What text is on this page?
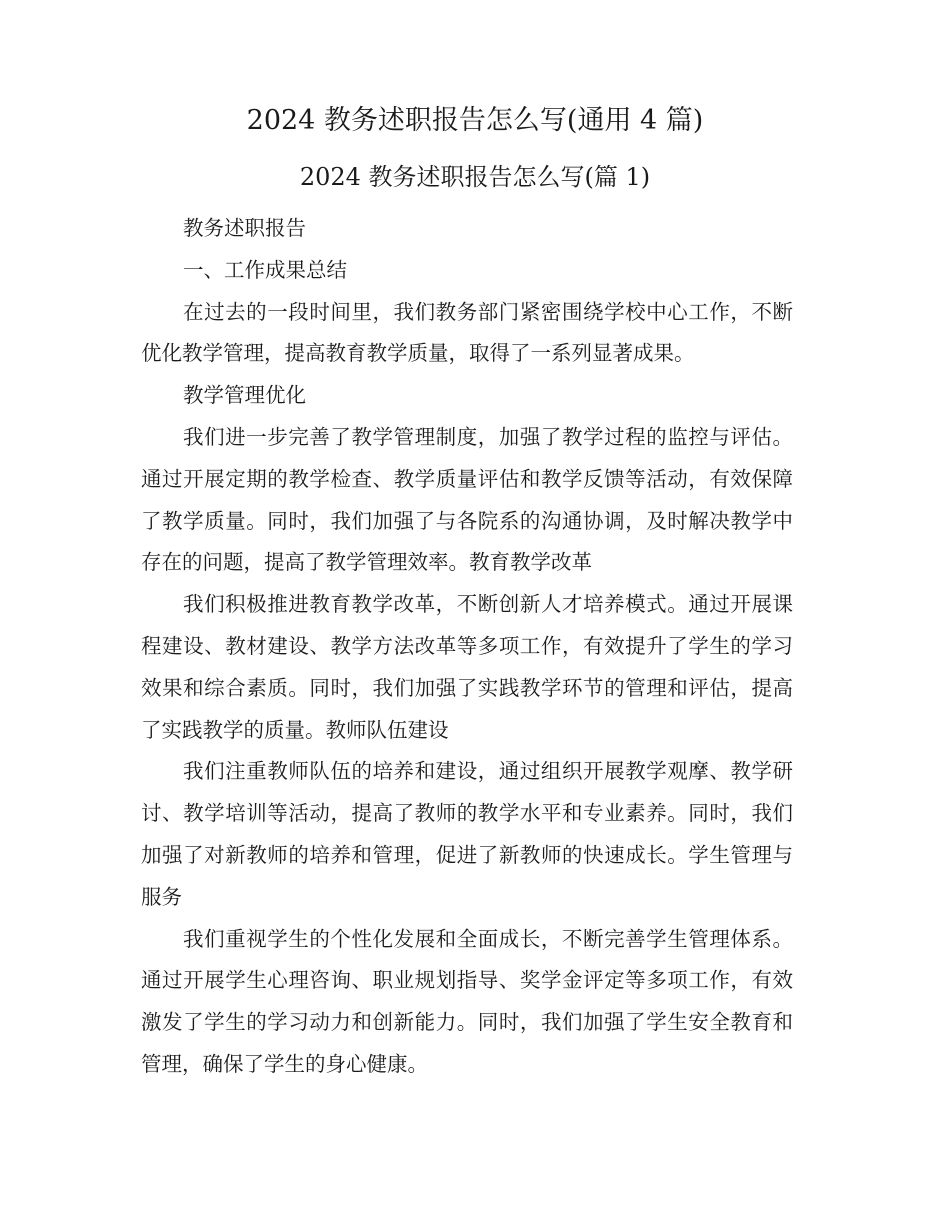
2024 教务述职报告怎么写(通用 4 篇)
2024 教务述职报告怎么写(篇 1)

教务述职报告

一、工作成果总结

在过去的一段时间里，我们教务部门紧密围绕学校中心工作，不断优化教学管理，提高教育教学质量，取得了一系列显著成果。

教学管理优化

我们进一步完善了教学管理制度，加强了教学过程的监控与评估。通过开展定期的教学检查、教学质量评估和教学反馈等活动，有效保障了教学质量。同时，我们加强了与各院系的沟通协调，及时解决教学中存在的问题，提高了教学管理效率。教育教学改革

我们积极推进教育教学改革，不断创新人才培养模式。通过开展课程建设、教材建设、教学方法改革等多项工作，有效提升了学生的学习效果和综合素质。同时，我们加强了实践教学环节的管理和评估，提高了实践教学的质量。教师队伍建设

我们注重教师队伍的培养和建设，通过组织开展教学观摩、教学研讨、教学培训等活动，提高了教师的教学水平和专业素养。同时，我们加强了对新教师的培养和管理，促进了新教师的快速成长。学生管理与服务

我们重视学生的个性化发展和全面成长，不断完善学生管理体系。通过开展学生心理咨询、职业规划指导、奖学金评定等多项工作，有效激发了学生的学习动力和创新能力。同时，我们加强了学生安全教育和管理，确保了学生的身心健康。
